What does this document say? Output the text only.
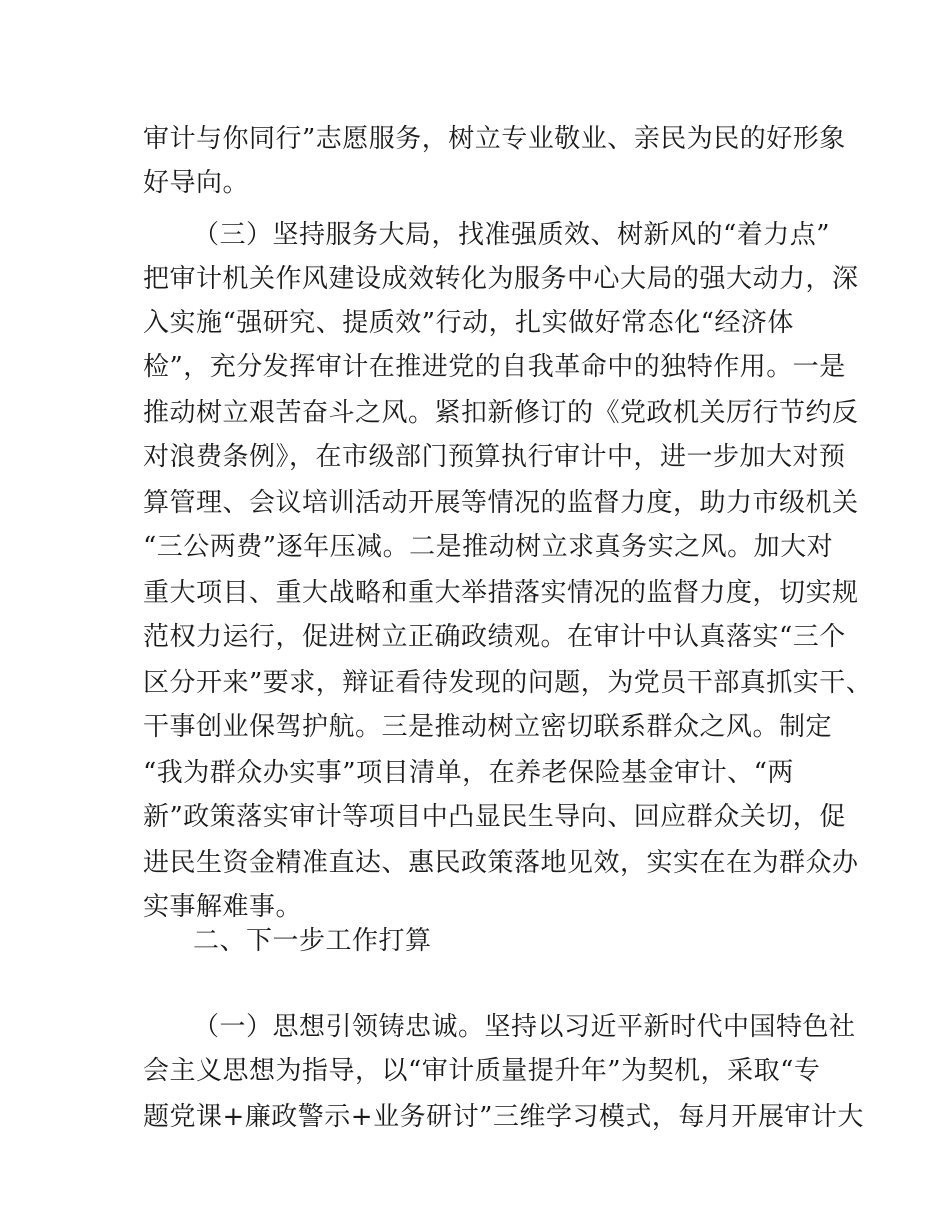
审计与你同行”志愿服务，树立专业敬业、亲民为民的好形象
好导向。
（三）坚持服务大局，找准强质效、树新风的“着力点”
把审计机关作风建设成效转化为服务中心大局的强大动力，深
入实施“强研究、提质效”行动，扎实做好常态化“经济体
检”，充分发挥审计在推进党的自我革命中的独特作用。一是
推动树立艰苦奋斗之风。紧扣新修订的《党政机关厉行节约反
对浪费条例》，在市级部门预算执行审计中，进一步加大对预
算管理、会议培训活动开展等情况的监督力度，助力市级机关
“三公两费”逐年压减。二是推动树立求真务实之风。加大对
重大项目、重大战略和重大举措落实情况的监督力度，切实规
范权力运行，促进树立正确政绩观。在审计中认真落实“三个
区分开来”要求，辩证看待发现的问题，为党员干部真抓实干、
干事创业保驾护航。三是推动树立密切联系群众之风。制定
“我为群众办实事”项目清单，在养老保险基金审计、“两
新”政策落实审计等项目中凸显民生导向、回应群众关切，促
进民生资金精准直达、惠民政策落地见效，实实在在为群众办
实事解难事。
二、下一步工作打算
（一）思想引领铸忠诚。坚持以习近平新时代中国特色社
会主义思想为指导，以“审计质量提升年”为契机，采取“专
题党课+廉政警示+业务研讨”三维学习模式，每月开展审计大
